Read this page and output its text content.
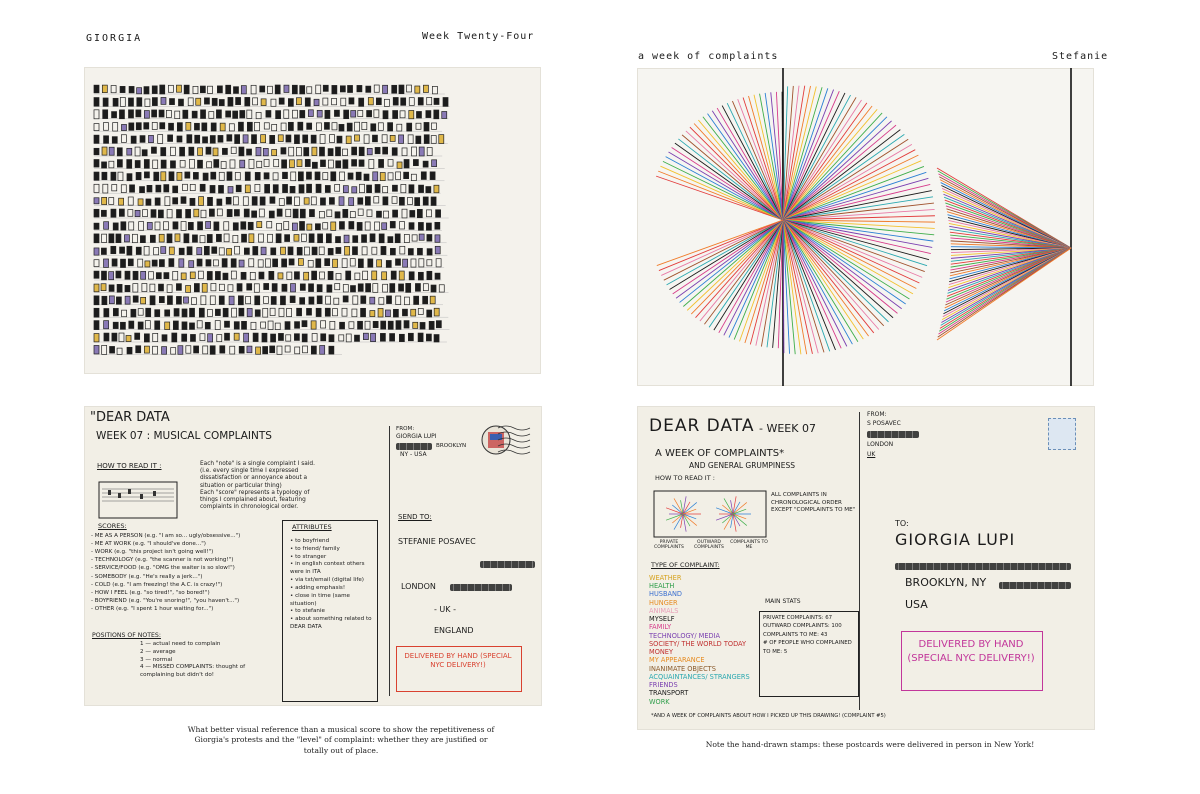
GIORGIA	Week Twenty-Four
"DEAR DATA
WEEK 07 : MUSICAL COMPLAINTS
HOW TO READ IT :	Each "note" is a single complaint I said.
(i.e. every single time I expressed
dissatisfaction or annoyance about a
situation or particular thing)
Each "score" represents a typology of
things I complained about, featuring
complaints in chronological order.
SCORES:
- ME AS A PERSON (e.g. "I am so... ugly/obsessive...")
- ME AT WORK (e.g. "I should've done...")
- WORK (e.g. "this project isn't going well!")
- TECHNOLOGY (e.g. "the scanner is not working!")
- SERVICE/FOOD (e.g. "OMG the waiter is so slow!")
- SOMEBODY (e.g. "He's really a jerk...")
- COLD (e.g. "I am freezing! the A.C. is crazy!")
- HOW I FEEL (e.g. "so tired!", "so bored!")
- BOYFRIEND (e.g. "You're snoring!", "you haven't...")
- OTHER (e.g. "I spent 1 hour waiting for...")
POSITIONS OF NOTES:
1 — actual need to complain
2 — average
3 — normal
4 — MISSED COMPLAINTS: thought of complaining but didn't do!
ATTRIBUTES
• to boyfriend
• to friend/ family
• to stranger
• in english context others were in ITA
• via txt/email (digital life)
• adding emphasis!
• close in time (same situation)
• to stefanie
• about something related to DEAR DATA
FROM:
GIORGIA LUPI
BROOKLYN
NY - USA
SEND TO:
STEFANIE POSAVEC
LONDON
- UK -
ENGLAND
DELIVERED BY HAND (SPECIAL NYC DELIVERY!)
What better visual reference than a musical score to show the repetitiveness of Giorgia's protests and the "level" of complaint: whether they are justified or totally out of place.
a week of complaints	Stefanie
DEAR DATA - WEEK 07
A WEEK OF COMPLAINTS*
AND GENERAL GRUMPINESS
HOW TO READ IT :
ALL COMPLAINTS IN
CHRONOLOGICAL ORDER
EXCEPT "COMPLAINTS TO ME"
PRIVATE COMPLAINTSOUTWARD COMPLAINTSCOMPLAINTS TO ME
TYPE OF COMPLAINT:
WEATHER
HEALTH
HUSBAND
HUNGER
ANIMALS
MYSELF
FAMILY
TECHNOLOGY/ MEDIA
SOCIETY/ THE WORLD TODAY
MONEY
MY APPEARANCE
INANIMATE OBJECTS
ACQUAINTANCES/ STRANGERS
FRIENDS
TRANSPORT
WORK
MAIN STATS
PRIVATE COMPLAINTS: 67
OUTWARD COMPLAINTS: 100
COMPLAINTS TO ME: 43
# OF PEOPLE WHO COMPLAINED TO ME: 5
*AND A WEEK OF COMPLAINTS ABOUT HOW I PICKED UP THIS DRAWING! (COMPLAINT #5)
FROM:
S POSAVEC
LONDON
UK
TO:
GIORGIA LUPI
BROOKLYN, NY
USA
DELIVERED BY HAND (SPECIAL NYC DELIVERY!)
Note the hand-drawn stamps: these postcards were delivered in person in New York!
